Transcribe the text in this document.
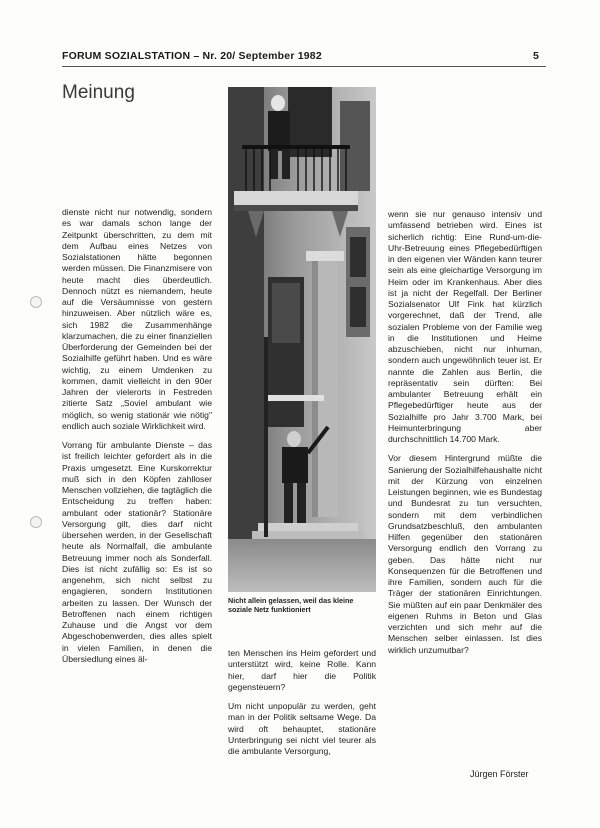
FORUM SOZIALSTATION – Nr. 20/ September 1982	5
Meinung

dienste nicht nur notwendig, sondern es war damals schon lange der Zeitpunkt überschritten, zu dem mit dem Aufbau eines Netzes von Sozialstationen hätte begonnen werden müssen. Die Finanzmisere von heute macht dies überdeutlich. Dennoch nützt es niemandem, heute auf die Versäumnisse von gestern hinzuweisen. Aber nützlich wäre es, sich 1982 die Zusammenhänge klarzumachen, die zu einer finanziellen Überforderung der Gemeinden bei der Sozialhilfe geführt haben. Und es wäre wichtig, zu einem Umdenken zu kommen, damit vielleicht in den 90er Jahren der vielerorts in Festreden zitierte Satz „Soviel ambulant wie möglich, so wenig stationär wie nötig" endlich auch soziale Wirklichkeit wird.

Vorrang für ambulante Dienste – das ist freilich leichter gefordert als in die Praxis umgesetzt. Eine Kurskorrektur muß sich in den Köpfen zahlloser Menschen vollziehen, die tagtäglich die Entscheidung zu treffen haben: ambulant oder stationär? Stationäre Versorgung gilt, dies darf nicht übersehen werden, in der Gesellschaft heute als Normalfall, die ambulante Betreuung immer noch als Sonderfall. Dies ist nicht zufällig so: Es ist so angenehm, sich nicht selbst zu engagieren, sondern Institutionen arbeiten zu lassen. Der Wunsch der Betroffenen nach einem richtigen Zuhause und die Angst vor dem Abgeschobenwerden, dies alles spielt in vielen Familien, in denen die Übersiedlung eines äl-

Nicht allein gelassen, weil das kleine soziale Netz funktioniert

ten Menschen ins Heim gefordert und unterstützt wird, keine Rolle. Kann hier, darf hier die Politik gegensteuern?

Um nicht unpopulär zu werden, geht man in der Politik seltsame Wege. Da wird oft behauptet, stationäre Unterbringung sei nicht viel teurer als die ambulante Versorgung,

wenn sie nur genauso intensiv und umfassend betrieben wird. Eines ist sicherlich richtig: Eine Rund-um-die-Uhr-Betreuung eines Pflegebedürftigen in den eigenen vier Wänden kann teurer sein als eine gleichartige Versorgung im Heim oder im Krankenhaus. Aber dies ist ja nicht der Regelfall. Der Berliner Sozialsenator Ulf Fink hat kürzlich vorgerechnet, daß der Trend, alle sozialen Probleme von der Familie weg in die Institutionen und Heime abzuschieben, nicht nur inhuman, sondern auch ungewöhnlich teuer ist. Er nannte die Zahlen aus Berlin, die repräsentativ sein dürften: Bei ambulanter Betreuung erhält ein Pflegebedürftiger heute aus der Sozialhilfe pro Jahr 3.700 Mark, bei Heimunterbringung aber durchschnittlich 14.700 Mark.

Vor diesem Hintergrund müßte die Sanierung der Sozialhilfehaushalte nicht mit der Kürzung von einzelnen Leistungen beginnen, wie es Bundestag und Bundesrat zu tun versuchten, sondern mit dem verbindlichen Grundsatzbeschluß, den ambulanten Hilfen gegenüber den stationären Versorgung endlich den Vorrang zu geben. Das hätte nicht nur Konsequenzen für die Betroffenen und ihre Familien, sondern auch für die Träger der stationären Einrichtungen. Sie müßten auf ein paar Denkmäler des eigenen Ruhms in Beton und Glas verzichten und sich mehr auf die Menschen selber einlassen. Ist dies wirklich unzumutbar?

Jürgen Förster
